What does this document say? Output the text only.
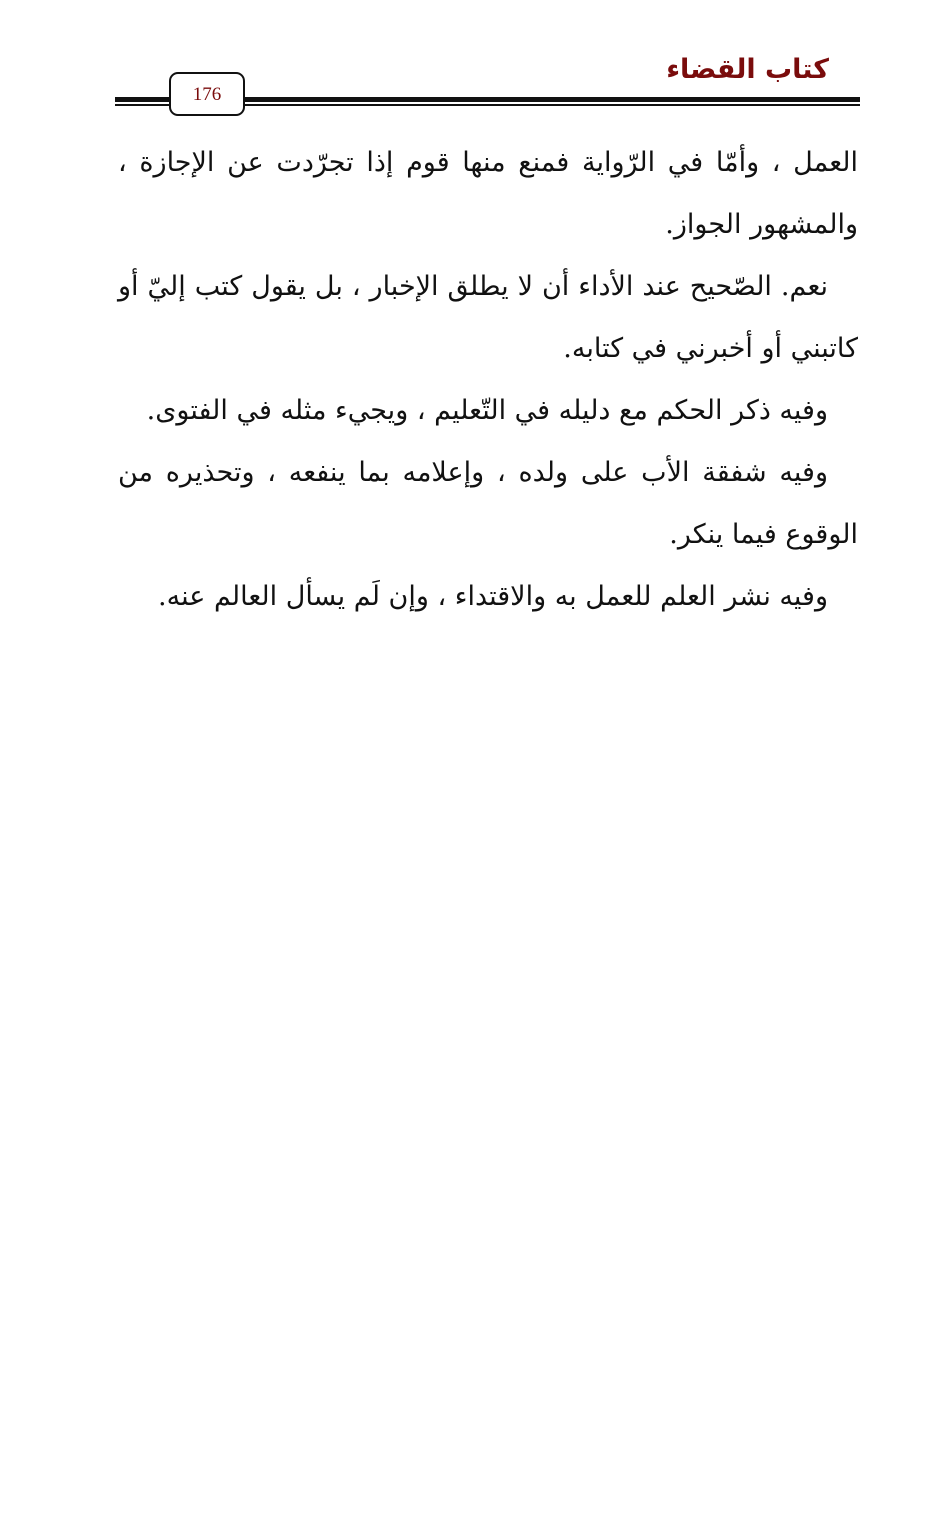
كتاب القضاء
176

العمل ، وأمّا في الرّواية فمنع منها قوم إذا تجرّدت عن الإجازة ، والمشهور الجواز.

نعم. الصّحيح عند الأداء أن لا يطلق الإخبار ، بل يقول كتب إليّ أو كاتبني أو أخبرني في كتابه.

وفيه ذكر الحكم مع دليله في التّعليم ، ويجيء مثله في الفتوى.

وفيه شفقة الأب على ولده ، وإعلامه بما ينفعه ، وتحذيره من الوقوع فيما ينكر.

وفيه نشر العلم للعمل به والاقتداء ، وإن لَم يسأل العالم عنه.
